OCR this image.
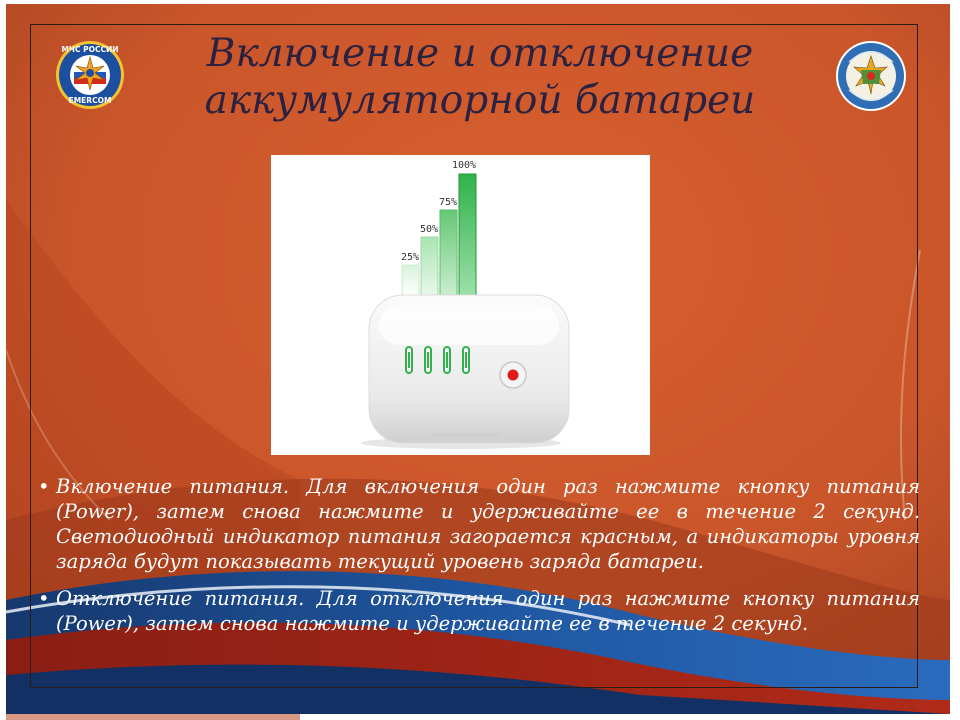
МЧС РОССИИ
EMERCOM
Включение и отключение
аккумуляторной батареи
25%
50%
75%
100%
• Включение питания. Для включения один раз нажмите кнопку питания (Power), затем снова нажмите и удерживайте ее в течение 2 секунд. Светодиодный индикатор питания загорается красным, а индикаторы уровня заряда будут показывать текущий уровень заряда батареи.
• Отключение питания. Для отключения один раз нажмите кнопку питания (Power), затем снова нажмите и удерживайте ее в течение 2 секунд.
